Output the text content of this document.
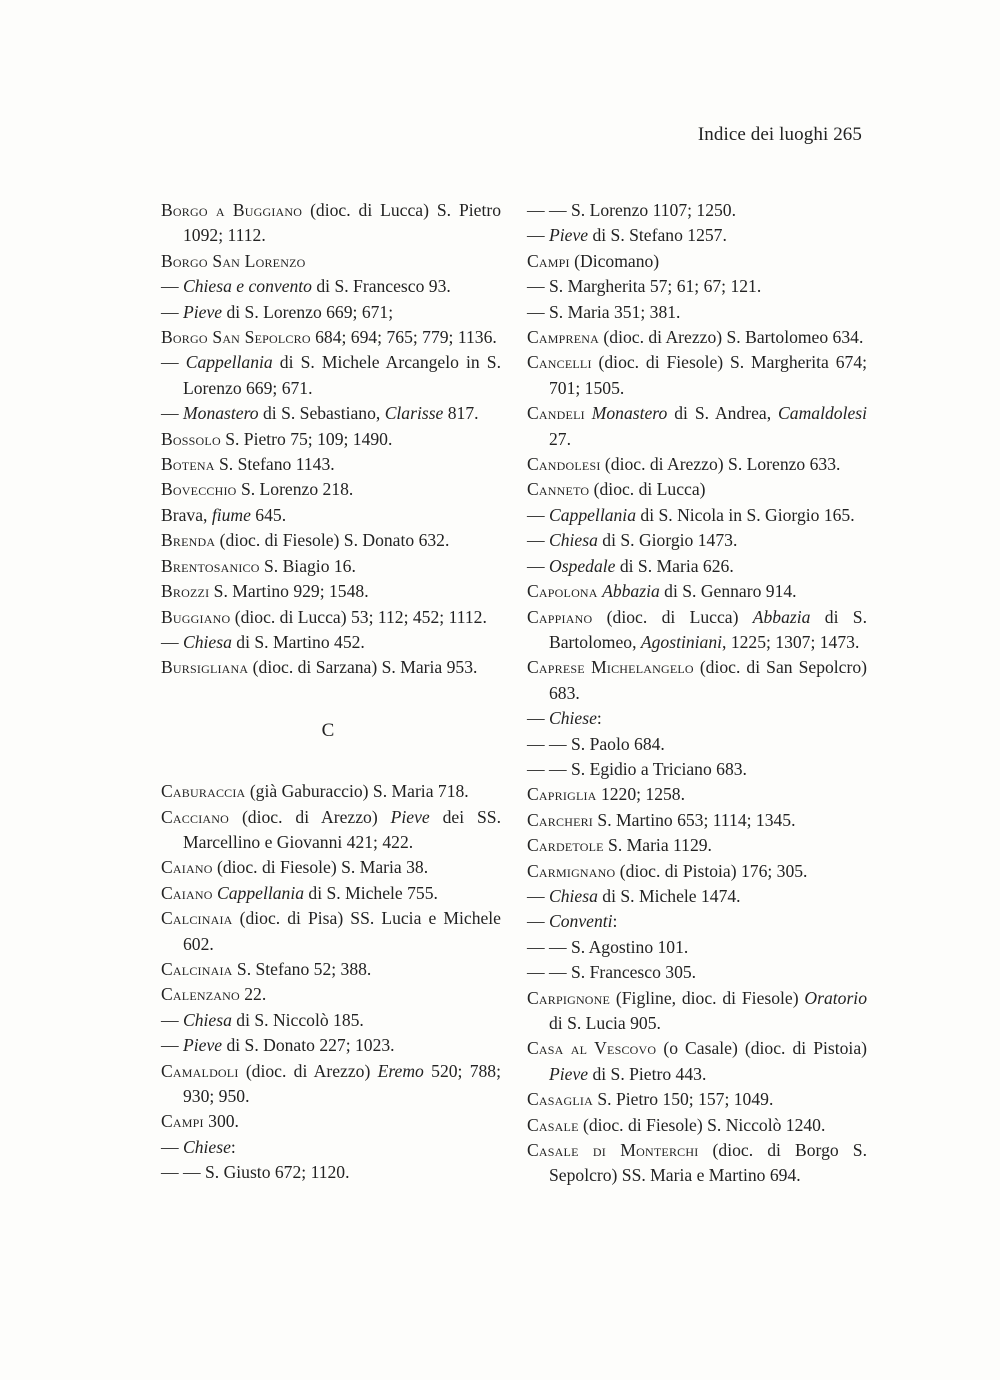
Indice dei luoghi 265
Borgo a Buggiano (dioc. di Lucca) S. Pietro 1092; 1112.
Borgo San Lorenzo
— Chiesa e convento di S. Francesco 93.
— Pieve di S. Lorenzo 669; 671;
Borgo San Sepolcro 684; 694; 765; 779; 1136.
— Cappellania di S. Michele Arcangelo in S. Lorenzo 669; 671.
— Monastero di S. Sebastiano, Clarisse 817.
Bossolo S. Pietro 75; 109; 1490.
Botena S. Stefano 1143.
Bovecchio S. Lorenzo 218.
Brava, fiume 645.
Brenda (dioc. di Fiesole) S. Donato 632.
Brentosanico S. Biagio 16.
Brozzi S. Martino 929; 1548.
Buggiano (dioc. di Lucca) 53; 112; 452; 1112.
— Chiesa di S. Martino 452.
Bursigliana (dioc. di Sarzana) S. Maria 953.
C
Caburaccia (già Gaburaccio) S. Maria 718.
Cacciano (dioc. di Arezzo) Pieve dei SS. Marcellino e Giovanni 421; 422.
Caiano (dioc. di Fiesole) S. Maria 38.
Caiano Cappellania di S. Michele 755.
Calcinaia (dioc. di Pisa) SS. Lucia e Michele 602.
Calcinaia S. Stefano 52; 388.
Calenzano 22.
— Chiesa di S. Niccolò 185.
— Pieve di S. Donato 227; 1023.
Camaldoli (dioc. di Arezzo) Eremo 520; 788; 930; 950.
Campi 300.
— Chiese:
— — S. Giusto 672; 1120.
— — S. Lorenzo 1107; 1250.
— Pieve di S. Stefano 1257.
Campi (Dicomano)
— S. Margherita 57; 61; 67; 121.
— S. Maria 351; 381.
Camprena (dioc. di Arezzo) S. Bartolomeo 634.
Cancelli (dioc. di Fiesole) S. Margherita 674; 701; 1505.
Candeli Monastero di S. Andrea, Camaldolesi 27.
Candolesi (dioc. di Arezzo) S. Lorenzo 633.
Canneto (dioc. di Lucca)
— Cappellania di S. Nicola in S. Giorgio 165.
— Chiesa di S. Giorgio 1473.
— Ospedale di S. Maria 626.
Capolona Abbazia di S. Gennaro 914.
Cappiano (dioc. di Lucca) Abbazia di S. Bartolomeo, Agostiniani, 1225; 1307; 1473.
Caprese Michelangelo (dioc. di San Sepolcro) 683.
— Chiese:
— — S. Paolo 684.
— — S. Egidio a Triciano 683.
Capriglia 1220; 1258.
Carcheri S. Martino 653; 1114; 1345.
Cardetole S. Maria 1129.
Carmignano (dioc. di Pistoia) 176; 305.
— Chiesa di S. Michele 1474.
— Conventi:
— — S. Agostino 101.
— — S. Francesco 305.
Carpignone (Figline, dioc. di Fiesole) Oratorio di S. Lucia 905.
Casa al Vescovo (o Casale) (dioc. di Pistoia) Pieve di S. Pietro 443.
Casaglia S. Pietro 150; 157; 1049.
Casale (dioc. di Fiesole) S. Niccolò 1240.
Casale di Monterchi (dioc. di Borgo S. Sepolcro) SS. Maria e Martino 694.
